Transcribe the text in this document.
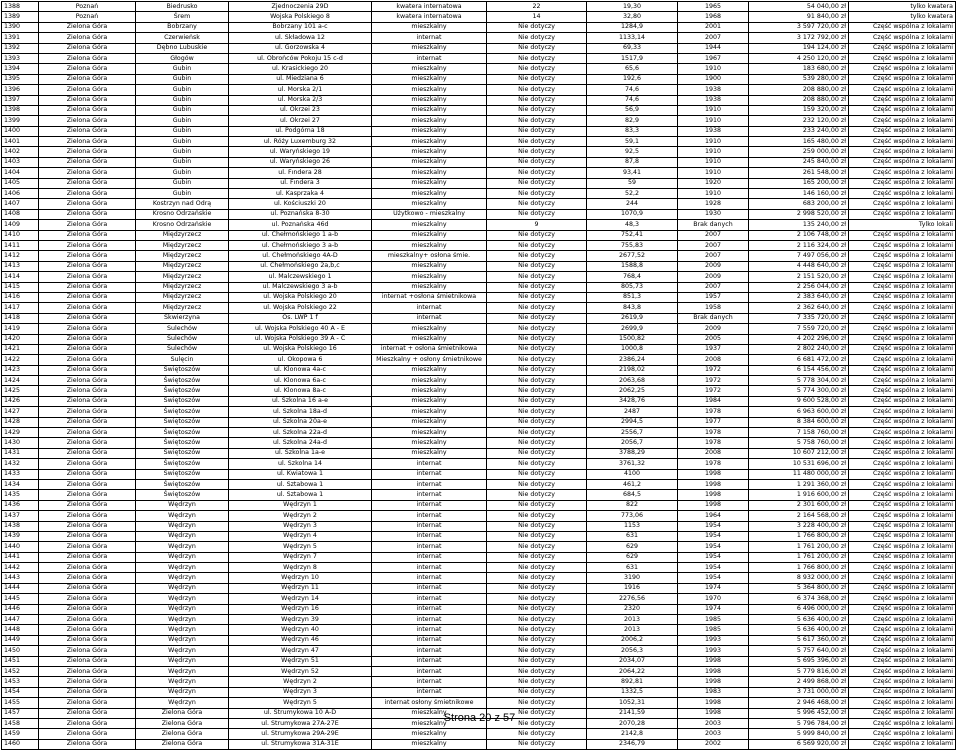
1388	Poznań	Biedrusko	Zjednoczenia 29D	kwatera internatowa	22	19,30	1965	54 040,00 zł	tylko kwatera
1389	Poznań	Śrem	Wojska Polskiego 8	kwatera internatowa	14	32,80	1968	91 840,00 zł	tylko kwatera
1390	Zielona Góra	Bobrzany	Bobrzany 101 a-c	mieszkalny	Nie dotyczy	1284,9	2001	3 597 720,00 zł	Część wspólna z lokalami
1391	Zielona Góra	Czerwieńsk	ul. Składowa 12	internat	Nie dotyczy	1133,14	2007	3 172 792,00 zł	Część wspólna z lokalami
1392	Zielona Góra	Dębno Lubuskie	ul. Gorzowska 4	mieszkalny	Nie dotyczy	69,33	1944	194 124,00 zł	Część wspólna z lokalami
1393	Zielona Góra	Głogów	ul. Obrońców Pokoju 15 c-d	internat	Nie dotyczy	1517,9	1967	4 250 120,00 zł	Część wspólna z lokalami
1394	Zielona Góra	Gubin	ul. Krasickiego 20	mieszkalny	Nie dotyczy	65,6	1910	183 680,00 zł	Część wspólna z lokalami
1395	Zielona Góra	Gubin	ul. Miedziana 6	mieszkalny	Nie dotyczy	192,6	1900	539 280,00 zł	Część wspólna z lokalami
1396	Zielona Góra	Gubin	ul. Morska 2/1	mieszkalny	Nie dotyczy	74,6	1938	208 880,00 zł	Część wspólna z lokalami
1397	Zielona Góra	Gubin	ul. Morska 2/3	mieszkalny	Nie dotyczy	74,6	1938	208 880,00 zł	Część wspólna z lokalami
1398	Zielona Góra	Gubin	ul. Okrzei 23	mieszkalny	Nie dotyczy	56,9	1910	159 320,00 zł	Część wspólna z lokalami
1399	Zielona Góra	Gubin	ul. Okrzei 27	mieszkalny	Nie dotyczy	82,9	1910	232 120,00 zł	Część wspólna z lokalami
1400	Zielona Góra	Gubin	ul. Podgórna 18	mieszkalny	Nie dotyczy	83,3	1938	233 240,00 zł	Część wspólna z lokalami
1401	Zielona Góra	Gubin	ul. Róży Luxemburg 32	mieszkalny	Nie dotyczy	59,1	1910	165 480,00 zł	Część wspólna z lokalami
1402	Zielona Góra	Gubin	ul. Waryńskiego 19	mieszkalny	Nie dotyczy	92,5	1910	259 000,00 zł	Część wspólna z lokalami
1403	Zielona Góra	Gubin	ul. Waryńskiego 26	mieszkalny	Nie dotyczy	87,8	1910	245 840,00 zł	Część wspólna z lokalami
1404	Zielona Góra	Gubin	ul. Fındera 28	mieszkalny	Nie dotyczy	93,41	1910	261 548,00 zł	Część wspólna z lokalami
1405	Zielona Góra	Gubin	ul. Fındera 3	mieszkalny	Nie dotyczy	59	1920	165 200,00 zł	Część wspólna z lokalami
1406	Zielona Góra	Gubin	ul. Kasprzaka 4	mieszkalny	Nie dotyczy	52,2	1910	146 160,00 zł	Część wspólna z lokalami
1407	Zielona Góra	Kostrzyn nad Odrą	ul. Kościuszki 20	mieszkalny	Nie dotyczy	244	1928	683 200,00 zł	Część wspólna z lokalami
1408	Zielona Góra	Krosno Odrzańskie	ul. Poznańska 8-30	Użytkowo - mieszkalny	Nie dotyczy	1070,9	1930	2 998 520,00 zł	Część wspólna z lokalami
1409	Zielona Góra	Krosno Odrzańskie	ul. Poznańska 46d	mieszkalny	9	48,3	Brak danych	135 240,00 zł	Tylko lokali
1410	Zielona Góra	Międzyrzecz	ul. Chełmońskiego 1 a-b	mieszkalny	Nie dotyczy	752,41	2007	2 106 748,00 zł	Część wspólna z lokalami
1411	Zielona Góra	Międzyrzecz	ul. Chełmońskiego 3 a-b	mieszkalny	Nie dotyczy	755,83	2007	2 116 324,00 zł	Część wspólna z lokalami
1412	Zielona Góra	Międzyrzecz	ul. Chełmońskiego 4A-D	mieszkalny+ osłona śmie.	Nie dotyczy	2677,52	2007	7 497 056,00 zł	Część wspólna z lokalami
1413	Zielona Góra	Międzyrzecz	ul. Chełmońskiego 2a,b,c	mieszkalny	Nie dotyczy	1588,8	2009	4 448 640,00 zł	Część wspólna z lokalami
1414	Zielona Góra	Międzyrzecz	ul. Malczewskiego 1	mieszkalny	Nie dotyczy	768,4	2009	2 151 520,00 zł	Część wspólna z lokalami
1415	Zielona Góra	Międzyrzecz	ul. Malczewskiego 3 a-b	mieszkalny	Nie dotyczy	805,73	2007	2 256 044,00 zł	Część wspólna z lokalami
1416	Zielona Góra	Międzyrzecz	ul. Wojska Polskiego 20	internat +osłona śmietnikowa	Nie dotyczy	851,3	1957	2 383 640,00 zł	Część wspólna z lokalami
1417	Zielona Góra	Międzyrzecz	ul. Wojska Polskiego 22	internat	Nie dotyczy	843,8	1958	2 362 640,00 zł	Część wspólna z lokalami
1418	Zielona Góra	Skwierzyna	Os. LWP 1 f	internat	Nie dotyczy	2619,9	Brak danych	7 335 720,00 zł	Część wspólna z lokalami
1419	Zielona Góra	Sulechów	ul. Wojska Polskiego 40 A - E	mieszkalny	Nie dotyczy	2699,9	2009	7 559 720,00 zł	Część wspólna z lokalami
1420	Zielona Góra	Sulechów	ul. Wojska Polskiego 39 A - C	mieszkalny	Nie dotyczy	1500,82	2005	4 202 296,00 zł	Część wspólna z lokalami
1421	Zielona Góra	Sulechów	ul. Wojska Polskiego 16	internat + osłona śmietnikowa	Nie dotyczy	1000,8	1937	2 802 240,00 zł	Część wspólna z lokalami
1422	Zielona Góra	Sulęcin	ul. Okopowa 6	Mieszkalny + osłony śmietnikowe	Nie dotyczy	2386,24	2008	6 681 472,00 zł	Część wspólna z lokalami
1423	Zielona Góra	Świętoszów	ul. Klonowa 4a-c	mieszkalny	Nie dotyczy	2198,02	1972	6 154 456,00 zł	Część wspólna z lokalami
1424	Zielona Góra	Świętoszów	ul. Klonowa 6a-c	mieszkalny	Nie dotyczy	2063,68	1972	5 778 304,00 zł	Część wspólna z lokalami
1425	Zielona Góra	Świętoszów	ul. Klonowa 8a-c	mieszkalny	Nie dotyczy	2062,25	1972	5 774 300,00 zł	Część wspólna z lokalami
1426	Zielona Góra	Świętoszów	ul. Szkolna 16 a-e	mieszkalny	Nie dotyczy	3428,76	1984	9 600 528,00 zł	Część wspólna z lokalami
1427	Zielona Góra	Świętoszów	ul. Szkolna 18a-d	mieszkalny	Nie dotyczy	2487	1978	6 963 600,00 zł	Część wspólna z lokalami
1428	Zielona Góra	Świętoszów	ul. Szkolna 20a-e	mieszkalny	Nie dotyczy	2994,5	1977	8 384 600,00 zł	Część wspólna z lokalami
1429	Zielona Góra	Świętoszów	ul. Szkolna 22a-d	mieszkalny	Nie dotyczy	2556,7	1978	7 158 760,00 zł	Część wspólna z lokalami
1430	Zielona Góra	Świętoszów	ul. Szkolna 24a-d	mieszkalny	Nie dotyczy	2056,7	1978	5 758 760,00 zł	Część wspólna z lokalami
1431	Zielona Góra	Świętoszów	ul. Szkolna 1a-e	mieszkalny	Nie dotyczy	3788,29	2008	10 607 212,00 zł	Część wspólna z lokalami
1432	Zielona Góra	Świętoszów	ul. Szkolna 14	internat	Nie dotyczy	3761,32	1978	10 531 696,00 zł	Część wspólna z lokalami
1433	Zielona Góra	Świętoszów	ul. Kwiatowa 1	internat	Nie dotyczy	4100	1998	11 480 000,00 zł	Część wspólna z lokalami
1434	Zielona Góra	Świętoszów	ul. Sztabowa 1	internat	Nie dotyczy	461,2	1998	1 291 360,00 zł	Część wspólna z lokalami
1435	Zielona Góra	Świętoszów	ul. Sztabowa 1	internat	Nie dotyczy	684,5	1998	1 916 600,00 zł	Część wspólna z lokalami
1436	Zielona Góra	Wędrzyn	Wędrzyn 1	internat	Nie dotyczy	822	1998	2 301 600,00 zł	Część wspólna z lokalami
1437	Zielona Góra	Wędrzyn	Wędrzyn 2	internat	Nie dotyczy	773,06	1964	2 164 568,00 zł	Część wspólna z lokalami
1438	Zielona Góra	Wędrzyn	Wędrzyn 3	internat	Nie dotyczy	1153	1954	3 228 400,00 zł	Część wspólna z lokalami
1439	Zielona Góra	Wędrzyn	Wędrzyn 4	internat	Nie dotyczy	631	1954	1 766 800,00 zł	Część wspólna z lokalami
1440	Zielona Góra	Wędrzyn	Wędrzyn 5	internat	Nie dotyczy	629	1954	1 761 200,00 zł	Część wspólna z lokalami
1441	Zielona Góra	Wędrzyn	Wędrzyn 7	internat	Nie dotyczy	629	1954	1 761 200,00 zł	Część wspólna z lokalami
1442	Zielona Góra	Wędrzyn	Wędrzyn 8	internat	Nie dotyczy	631	1954	1 766 800,00 zł	Część wspólna z lokalami
1443	Zielona Góra	Wędrzyn	Wędrzyn 10	internat	Nie dotyczy	3190	1954	8 932 000,00 zł	Część wspólna z lokalami
1444	Zielona Góra	Wędrzyn	Wędrzyn 11	internat	Nie dotyczy	1916	1974	5 364 800,00 zł	Część wspólna z lokalami
1445	Zielona Góra	Wędrzyn	Wędrzyn 14	internat	Nie dotyczy	2276,56	1970	6 374 368,00 zł	Część wspólna z lokalami
1446	Zielona Góra	Wędrzyn	Wędrzyn 16	internat	Nie dotyczy	2320	1974	6 496 000,00 zł	Część wspólna z lokalami
1447	Zielona Góra	Wędrzyn	Wędrzyn 39	internat	Nie dotyczy	2013	1985	5 636 400,00 zł	Część wspólna z lokalami
1448	Zielona Góra	Wędrzyn	Wędrzyn 40	internat	Nie dotyczy	2013	1985	5 636 400,00 zł	Część wspólna z lokalami
1449	Zielona Góra	Wędrzyn	Wędrzyn 46	internat	Nie dotyczy	2006,2	1993	5 617 360,00 zł	Część wspólna z lokalami
1450	Zielona Góra	Wędrzyn	Wędrzyn 47	internat	Nie dotyczy	2056,3	1993	5 757 640,00 zł	Część wspólna z lokalami
1451	Zielona Góra	Wędrzyn	Wędrzyn 51	internat	Nie dotyczy	2034,07	1998	5 695 396,00 zł	Część wspólna z lokalami
1452	Zielona Góra	Wędrzyn	Wędrzyn 52	internat	Nie dotyczy	2064,22	1998	5 779 816,00 zł	Część wspólna z lokalami
1453	Zielona Góra	Wędrzyn	Wędrzyn 2	internat	Nie dotyczy	892,81	1998	2 499 868,00 zł	Część wspólna z lokalami
1454	Zielona Góra	Wędrzyn	Wędrzyn 3	internat	Nie dotyczy	1332,5	1983	3 731 000,00 zł	Część wspólna z lokalami
1455	Zielona Góra	Wędrzyn	Wędrzyn 5	internat osłony śmietnikowe	Nie dotyczy	1052,31	1998	2 946 468,00 zł	Część wspólna z lokalami
1457	Zielona Góra	Zielona Góra	ul. Strumykowa 10 A-D	mieszkalny	Nie dotyczy	2141,59	1998	5 996 452,00 zł	Część wspólna z lokalami
1458	Zielona Góra	Zielona Góra	ul. Strumykowa 27A-27E	mieszkalny	Nie dotyczy	2070,28	2003	5 796 784,00 zł	Część wspólna z lokalami
1459	Zielona Góra	Zielona Góra	ul. Strumykowa 29A-29E	mieszkalny	Nie dotyczy	2142,8	2003	5 999 840,00 zł	Część wspólna z lokalami
1460	Zielona Góra	Zielona Góra	ul. Strumykowa 31A-31E	mieszkalny	Nie dotyczy	2346,79	2002	6 569 920,00 zł	Część wspólna z lokalami
Strona 20 z 57
